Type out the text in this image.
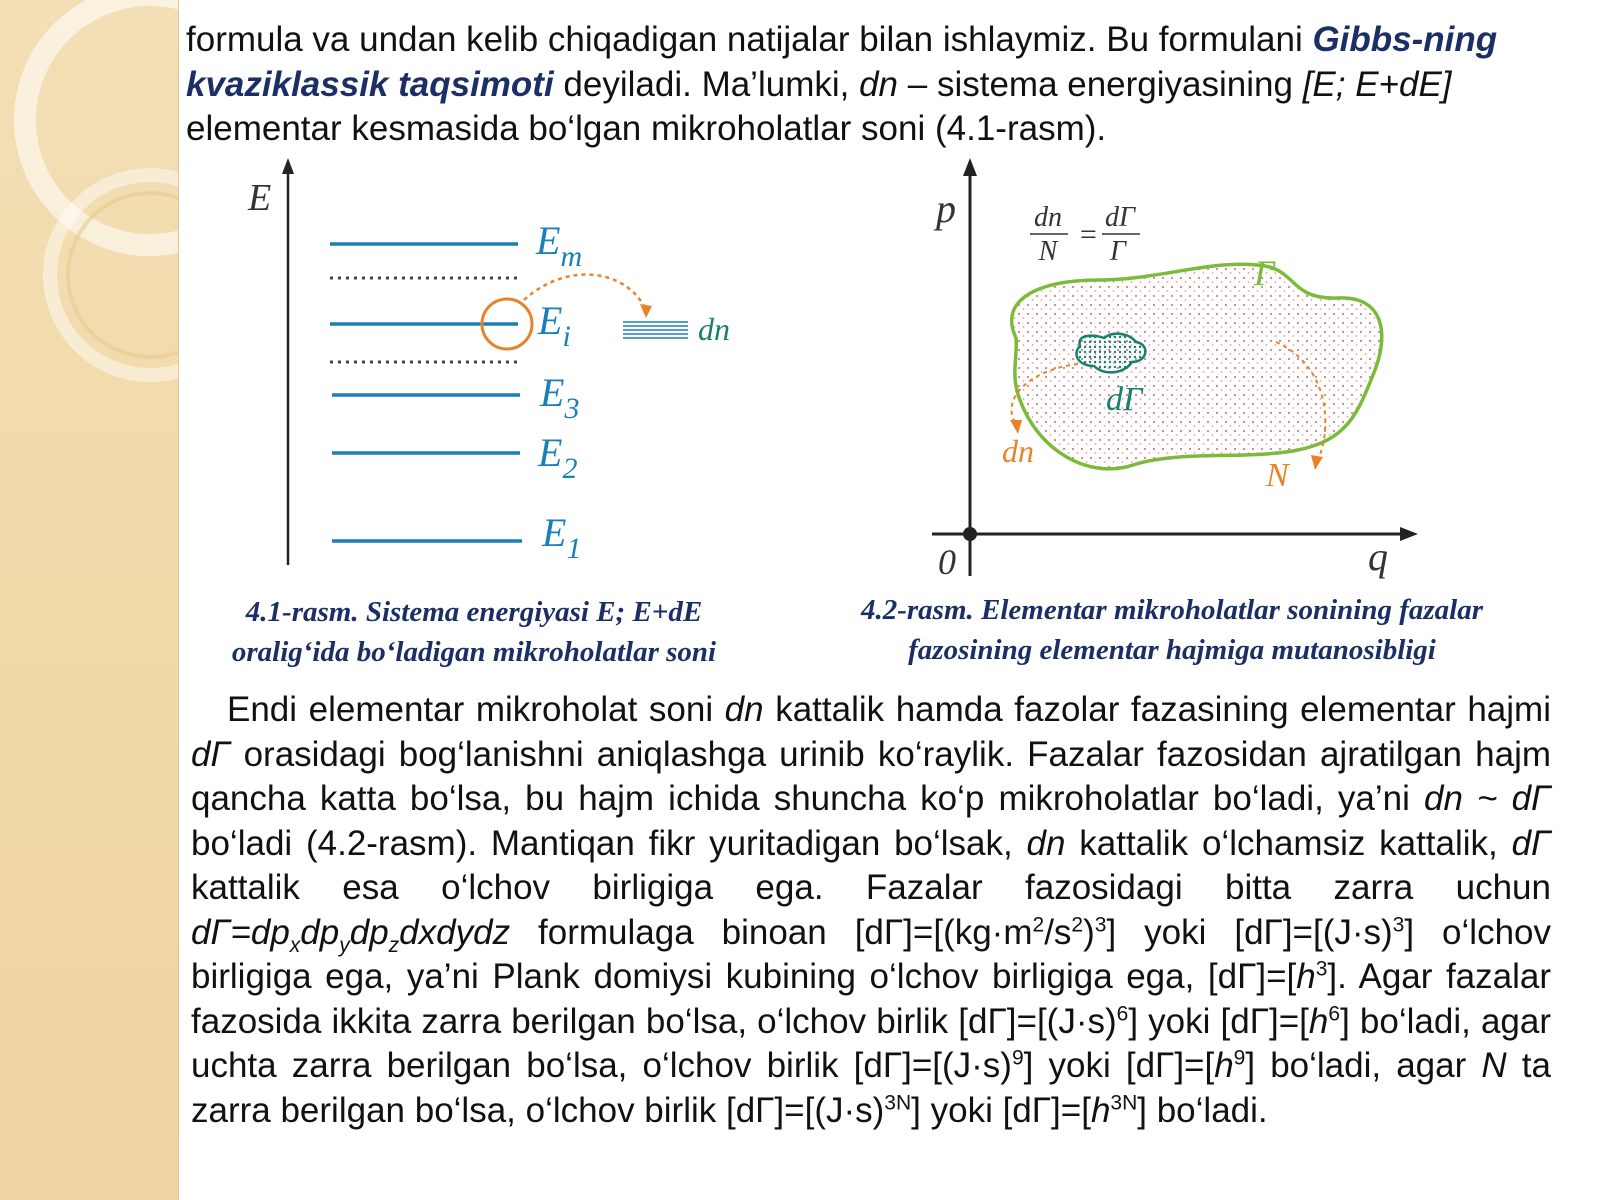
formula va undan kelib chiqadigan natijalar bilan ishlaymiz. Bu formulani Gibbs-ning kvaziklassik taqsimoti deyiladi. Ma’lumki, dn – sistema energiyasining [E; E+dE] elementar kesmasida bo‘lgan mikroholatlar soni (4.1-rasm).

E
dn
$E_m$
$E_i$
$E_3$
$E_2$
$E_1$
4.1-rasm. Sistema energiyasi E; E+dE
oralig‘ida bo‘ladigan mikroholatlar soni
p
q
0
dn
N
=
dΓ
Γ
Γ
dΓ
dn
N
4.2-rasm. Elementar mikroholatlar sonining fazalar
fazosining elementar hajmiga mutanosibligi

Endi elementar mikroholat soni dn kattalik hamda fazolar fazasining elementar hajmi dΓ orasidagi bog‘lanishni aniqlashga urinib ko‘raylik. Fazalar fazosidan ajratilgan hajm qancha katta bo‘lsa, bu hajm ichida shuncha ko‘p mikroholatlar bo‘ladi, ya’ni dn ~ dΓ bo‘ladi (4.2-rasm). Mantiqan fikr yuritadigan bo‘lsak, dn kattalik o‘lchamsiz kattalik, dΓ kattalik esa o‘lchov birligiga ega. Fazalar fazosidagi bitta zarra uchun $d\Gamma=dp_xdp_ydp_zdxdydz$ formulaga binoan $[d\Gamma]=[(kg\cdot m^2/s^2)^3]$ yoki $[d\Gamma]=[(J\cdot s)^3]$ o‘lchov birligiga ega, ya’ni Plank domiysi kubining o‘lchov birligiga ega, $[d\Gamma]=[h^3]$. Agar fazalar fazosida ikkita zarra berilgan bo‘lsa, o‘lchov birlik $[d\Gamma]=[(J\cdot s)^6]$ yoki $[d\Gamma]=[h^6]$ bo‘ladi, agar uchta zarra berilgan bo‘lsa, o‘lchov birlik $[d\Gamma]=[(J\cdot s)^9]$ yoki $[d\Gamma]=[h^9]$ bo‘ladi, agar N ta zarra berilgan bo‘lsa, o‘lchov birlik $[d\Gamma]=[(J\cdot s)^{3N}]$ yoki $[d\Gamma]=[h^{3N}]$ bo‘ladi.
